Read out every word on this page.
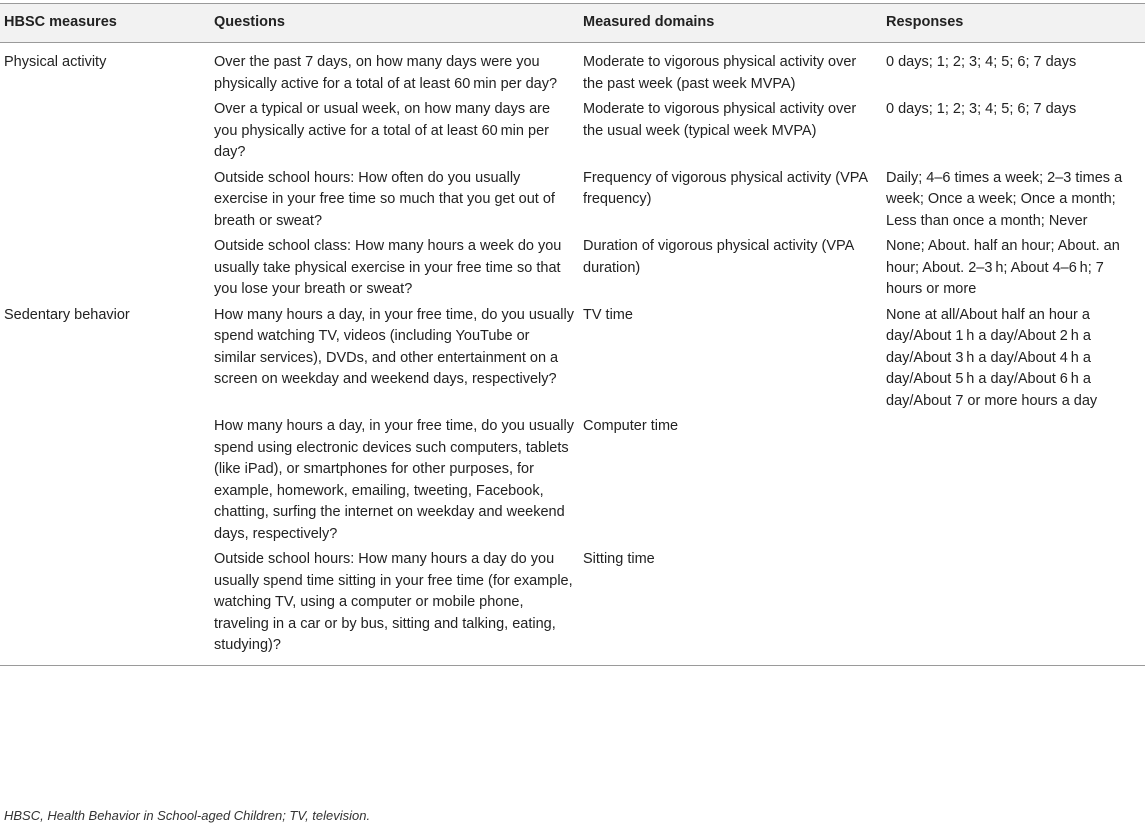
HBSC measures	Questions	Measured domains	Responses
Physical activity	Over the past 7 days, on how many days were you physically active for a total of at least 60 min per day?	Moderate to vigorous physical activity over the past week (past week MVPA)	0 days; 1; 2; 3; 4; 5; 6; 7 days
	Over a typical or usual week, on how many days are you physically active for a total of at least 60 min per day?	Moderate to vigorous physical activity over the usual week (typical week MVPA)	0 days; 1; 2; 3; 4; 5; 6; 7 days
	Outside school hours: How often do you usually exercise in your free time so much that you get out of breath or sweat?	Frequency of vigorous physical activity (VPA frequency)	Daily; 4–6 times a week; 2–3 times a week; Once a week; Once a month; Less than once a month; Never
	Outside school class: How many hours a week do you usually take physical exercise in your free time so that you lose your breath or sweat?	Duration of vigorous physical activity (VPA duration)	None; About. half an hour; About. an hour; About. 2–3 h; About 4–6 h; 7 hours or more
Sedentary behavior	How many hours a day, in your free time, do you usually spend watching TV, videos (including YouTube or similar services), DVDs, and other entertainment on a screen on weekday and weekend days, respectively?	TV time	None at all/About half an hour a day/About 1 h a day/About 2 h a day/About 3 h a day/About 4 h a day/About 5 h a day/About 6 h a day/About 7 or more hours a day
	How many hours a day, in your free time, do you usually spend using electronic devices such computers, tablets (like iPad), or smartphones for other purposes, for example, homework, emailing, tweeting, Facebook, chatting, surfing the internet on weekday and weekend days, respectively?	Computer time	
	Outside school hours: How many hours a day do you usually spend time sitting in your free time (for example, watching TV, using a computer or mobile phone, traveling in a car or by bus, sitting and talking, eating, studying)?	Sitting time	
HBSC, Health Behavior in School-aged Children; TV, television.
